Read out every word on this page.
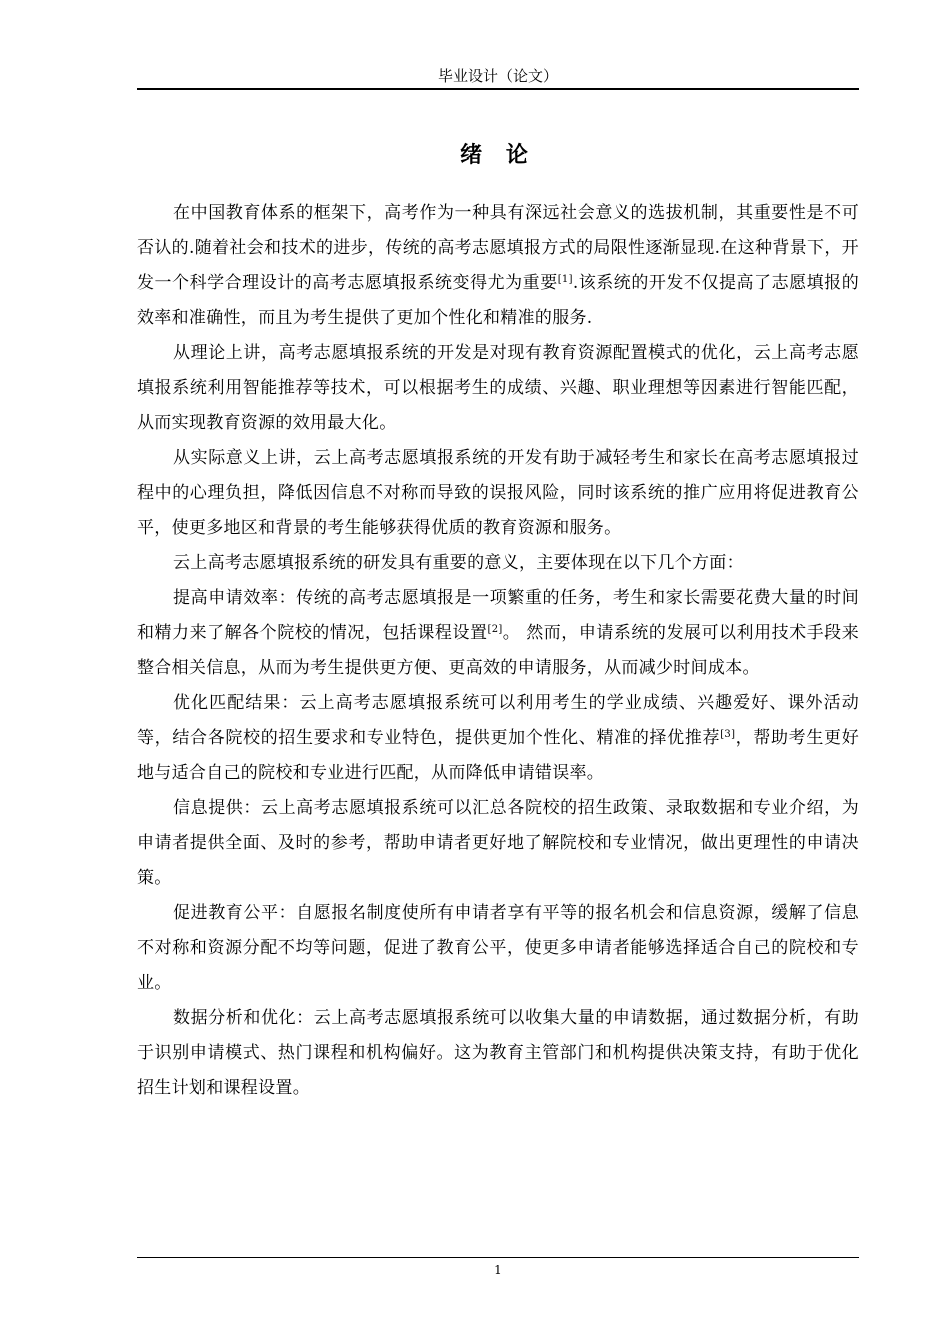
毕业设计（论文）
绪 论

在中国教育体系的框架下，高考作为一种具有深远社会意义的选拔机制，其重要性是不可否认的.随着社会和技术的进步，传统的高考志愿填报方式的局限性逐渐显现.在这种背景下，开发一个科学合理设计的高考志愿填报系统变得尤为重要[1].该系统的开发不仅提高了志愿填报的效率和准确性，而且为考生提供了更加个性化和精准的服务.

从理论上讲，高考志愿填报系统的开发是对现有教育资源配置模式的优化，云上高考志愿填报系统利用智能推荐等技术，可以根据考生的成绩、兴趣、职业理想等因素进行智能匹配，从而实现教育资源的效用最大化。

从实际意义上讲，云上高考志愿填报系统的开发有助于减轻考生和家长在高考志愿填报过程中的心理负担，降低因信息不对称而导致的误报风险，同时该系统的推广应用将促进教育公平，使更多地区和背景的考生能够获得优质的教育资源和服务。

云上高考志愿填报系统的研发具有重要的意义，主要体现在以下几个方面：

提高申请效率：传统的高考志愿填报是一项繁重的任务，考生和家长需要花费大量的时间和精力来了解各个院校的情况，包括课程设置[2]。 然而，申请系统的发展可以利用技术手段来整合相关信息，从而为考生提供更方便、更高效的申请服务，从而减少时间成本。

优化匹配结果：云上高考志愿填报系统可以利用考生的学业成绩、兴趣爱好、课外活动等，结合各院校的招生要求和专业特色，提供更加个性化、精准的择优推荐[3]，帮助考生更好地与适合自己的院校和专业进行匹配，从而降低申请错误率。

信息提供：云上高考志愿填报系统可以汇总各院校的招生政策、录取数据和专业介绍，为申请者提供全面、及时的参考，帮助申请者更好地了解院校和专业情况，做出更理性的申请决策。

促进教育公平：自愿报名制度使所有申请者享有平等的报名机会和信息资源，缓解了信息不对称和资源分配不均等问题，促进了教育公平，使更多申请者能够选择适合自己的院校和专业。

数据分析和优化：云上高考志愿填报系统可以收集大量的申请数据，通过数据分析，有助于识别申请模式、热门课程和机构偏好。这为教育主管部门和机构提供决策支持，有助于优化招生计划和课程设置。

1
